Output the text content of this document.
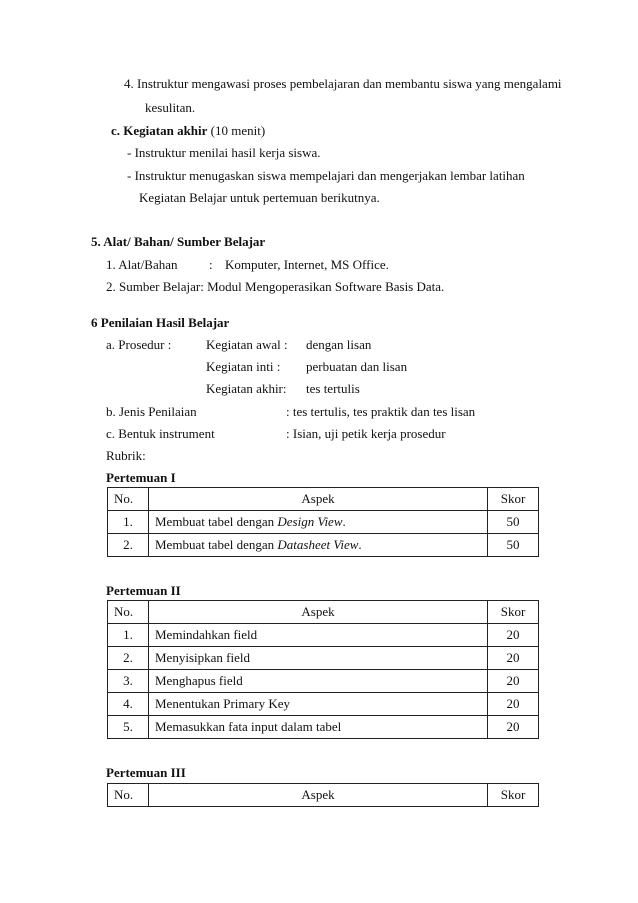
4. Instruktur mengawasi proses pembelajaran dan membantu siswa yang mengalami
kesulitan.
c. Kegiatan akhir (10 menit)
- Instruktur menilai hasil kerja siswa.
- Instruktur menugaskan siswa mempelajari dan mengerjakan lembar latihan
Kegiatan Belajar untuk pertemuan berikutnya.
5. Alat/ Bahan/ Sumber Belajar
1. Alat/Bahan : Komputer, Internet, MS Office.
2. Sumber Belajar: Modul Mengoperasikan Software Basis Data.
6 Penilaian Hasil Belajar
a. Prosedur :	Kegiatan awal : dengan lisan
Kegiatan inti : perbuatan dan lisan
Kegiatan akhir: tes tertulis
b. Jenis Penilaian	: tes tertulis, tes praktik dan tes lisan
c. Bentuk instrument	: Isian, uji petik kerja prosedur
Rubrik:
Pertemuan I
No.	Aspek	Skor
1.	Membuat tabel dengan Design View.	50
2.	Membuat tabel dengan Datasheet View.	50
Pertemuan II
No.	Aspek	Skor
1.	Memindahkan field	20
2.	Menyisipkan field	20
3.	Menghapus field	20
4.	Menentukan Primary Key	20
5.	Memasukkan fata input dalam tabel	20
Pertemuan III
No.	Aspek	Skor
